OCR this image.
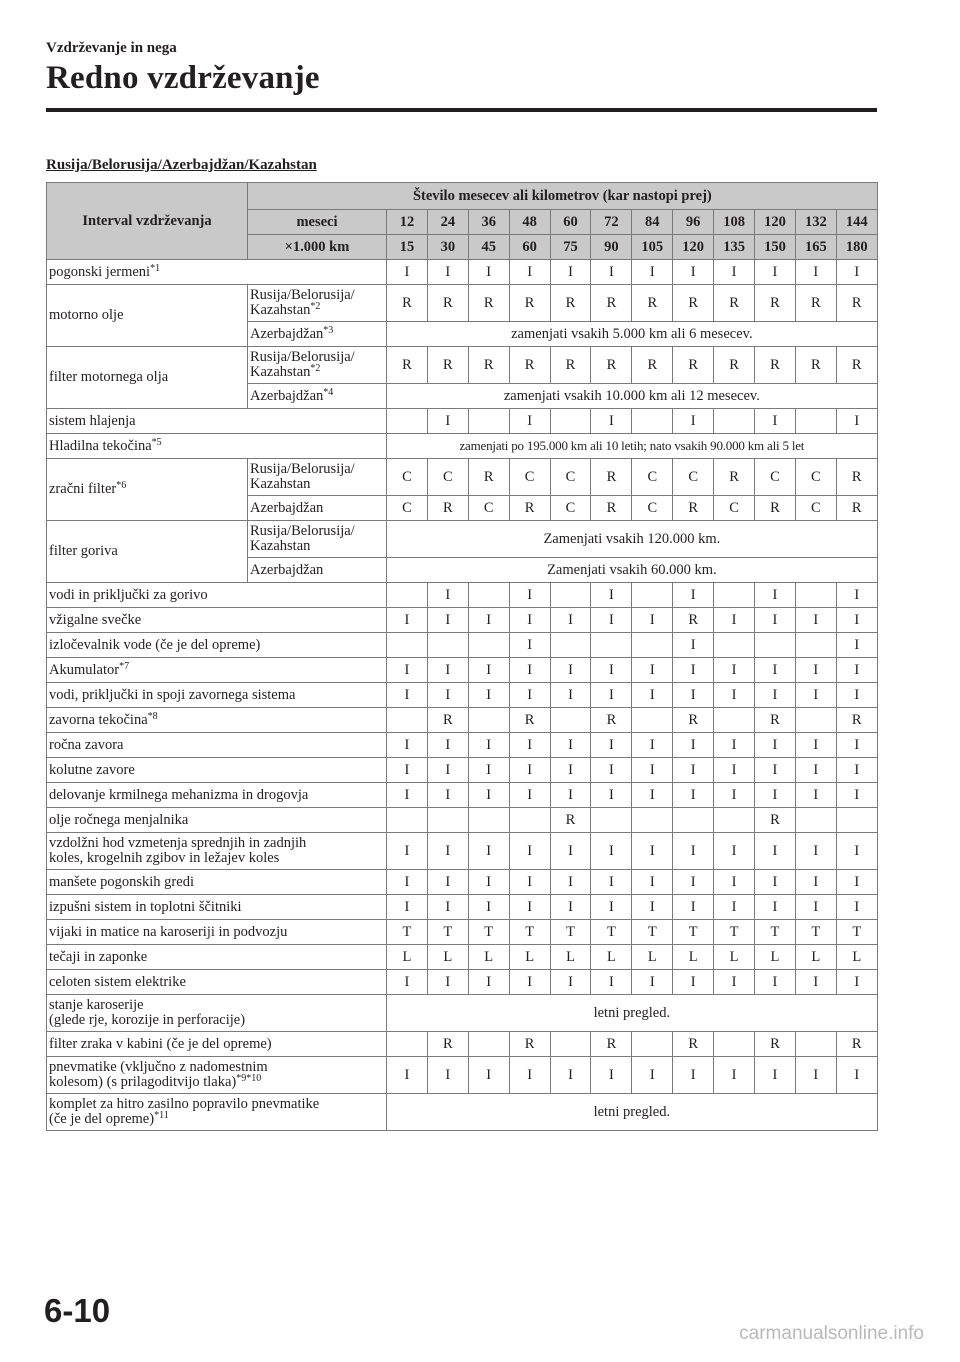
Vzdrževanje in nega
Redno vzdrževanje
Rusija/Belorusija/Azerbajdžan/Kazahstan
Interval vzdrževanja	Število mesecev ali kilometrov (kar nastopi prej)												
	meseci	12	24	36	48	60	72	84	96	108	120	132	144
	×1.000 km	15	30	45	60	75	90	105	120	135	150	165	180
pogonski jermeni$^{*1}$		I	I	I	I	I	I	I	I	I	I	I	I
motorno olje	Rusija/Belorusija/
Kazahstan$^{*2}$	R	R	R	R	R	R	R	R	R	R	R	R
	Azerbajdžan$^{*3}$	zamenjati vsakih 5.000 km ali 6 mesecev.											
filter motornega olja	Rusija/Belorusija/
Kazahstan$^{*2}$	R	R	R	R	R	R	R	R	R	R	R	R
	Azerbajdžan$^{*4}$	zamenjati vsakih 10.000 km ali 12 mesecev.											
sistem hlajenja			I		I		I		I		I		I
Hladilna tekočina$^{*5}$		zamenjati po 195.000 km ali 10 letih; nato vsakih 90.000 km ali 5 let											
zračni filter$^{*6}$	Rusija/Belorusija/
Kazahstan	C	C	R	C	C	R	C	C	R	C	C	R
	Azerbajdžan	C	R	C	R	C	R	C	R	C	R	C	R
filter goriva	Rusija/Belorusija/
Kazahstan	Zamenjati vsakih 120.000 km.											
	Azerbajdžan	Zamenjati vsakih 60.000 km.											
vodi in priključki za gorivo			I		I		I		I		I		I
vžigalne svečke		I	I	I	I	I	I	I	R	I	I	I	I
izločevalnik vode (če je del opreme)					I				I				I
Akumulator$^{*7}$		I	I	I	I	I	I	I	I	I	I	I	I
vodi, priključki in spoji zavornega sistema		I	I	I	I	I	I	I	I	I	I	I	I
zavorna tekočina$^{*8}$			R		R		R		R		R		R
ročna zavora		I	I	I	I	I	I	I	I	I	I	I	I
kolutne zavore		I	I	I	I	I	I	I	I	I	I	I	I
delovanje krmilnega mehanizma in drogovja		I	I	I	I	I	I	I	I	I	I	I	I
olje ročnega menjalnika						R					R		
vzdolžni hod vzmetenja sprednjih in zadnjih
koles, krogelnih zgibov in ležajev koles		I	I	I	I	I	I	I	I	I	I	I	I
manšete pogonskih gredi		I	I	I	I	I	I	I	I	I	I	I	I
izpušni sistem in toplotni ščitniki		I	I	I	I	I	I	I	I	I	I	I	I
vijaki in matice na karoseriji in podvozju		T	T	T	T	T	T	T	T	T	T	T	T
tečaji in zaponke		L	L	L	L	L	L	L	L	L	L	L	L
celoten sistem elektrike		I	I	I	I	I	I	I	I	I	I	I	I
stanje karoserije
(glede rje, korozije in perforacije)		letni pregled.											
filter zraka v kabini (če je del opreme)			R		R		R		R		R		R
pnevmatike (vključno z nadomestnim
kolesom) (s prilagoditvijo tlaka)$^{*9*10}$		I	I	I	I	I	I	I	I	I	I	I	I
komplet za hitro zasilno popravilo pnevmatike
(če je del opreme)$^{*11}$		letni pregled.											
6-10
carmanualsonline.info
